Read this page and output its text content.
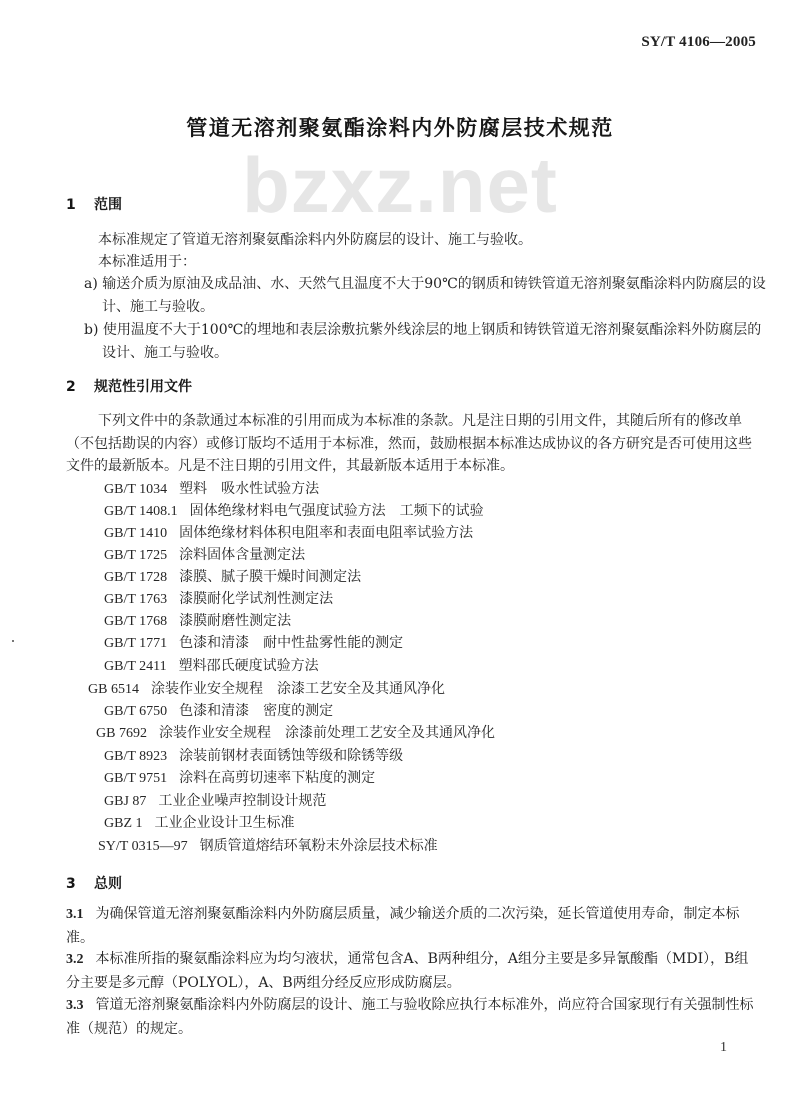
bzxz.net
SY/T 4106—2005
管道无溶剂聚氨酯涂料内外防腐层技术规范
1 范围
本标准规定了管道无溶剂聚氨酯涂料内外防腐层的设计、施工与验收。
本标准适用于：
a) 输送介质为原油及成品油、水、天然气且温度不大于90℃的钢质和铸铁管道无溶剂聚氨酯涂料内防腐层的设计、施工与验收。
b) 使用温度不大于100℃的埋地和表层涂敷抗紫外线涂层的地上钢质和铸铁管道无溶剂聚氨酯涂料外防腐层的设计、施工与验收。
2 规范性引用文件
下列文件中的条款通过本标准的引用而成为本标准的条款。凡是注日期的引用文件，其随后所有的修改单（不包括勘误的内容）或修订版均不适用于本标准，然而，鼓励根据本标准达成协议的各方研究是否可使用这些文件的最新版本。凡是不注日期的引用文件，其最新版本适用于本标准。
GB/T 1034 塑料　吸水性试验方法
GB/T 1408.1 固体绝缘材料电气强度试验方法　工频下的试验
GB/T 1410 固体绝缘材料体积电阻率和表面电阻率试验方法
GB/T 1725 涂料固体含量测定法
GB/T 1728 漆膜、腻子膜干燥时间测定法
GB/T 1763 漆膜耐化学试剂性测定法
GB/T 1768 漆膜耐磨性测定法
GB/T 1771 色漆和清漆　耐中性盐雾性能的测定
GB/T 2411 塑料邵氏硬度试验方法
GB 6514 涂装作业安全规程　涂漆工艺安全及其通风净化
GB/T 6750 色漆和清漆　密度的测定
GB 7692 涂装作业安全规程　涂漆前处理工艺安全及其通风净化
GB/T 8923 涂装前钢材表面锈蚀等级和除锈等级
GB/T 9751 涂料在高剪切速率下粘度的测定
GBJ 87 工业企业噪声控制设计规范
GBZ 1 工业企业设计卫生标准
SY/T 0315—97 钢质管道熔结环氧粉末外涂层技术标准
3 总则
3.1 为确保管道无溶剂聚氨酯涂料内外防腐层质量，减少输送介质的二次污染，延长管道使用寿命，制定本标准。
3.2 本标准所指的聚氨酯涂料应为均匀液状，通常包含A、B两种组分，A组分主要是多异氰酸酯（MDI），B组分主要是多元醇（POLYOL），A、B两组分经反应形成防腐层。
3.3 管道无溶剂聚氨酯涂料内外防腐层的设计、施工与验收除应执行本标准外，尚应符合国家现行有关强制性标准（规范）的规定。
1
